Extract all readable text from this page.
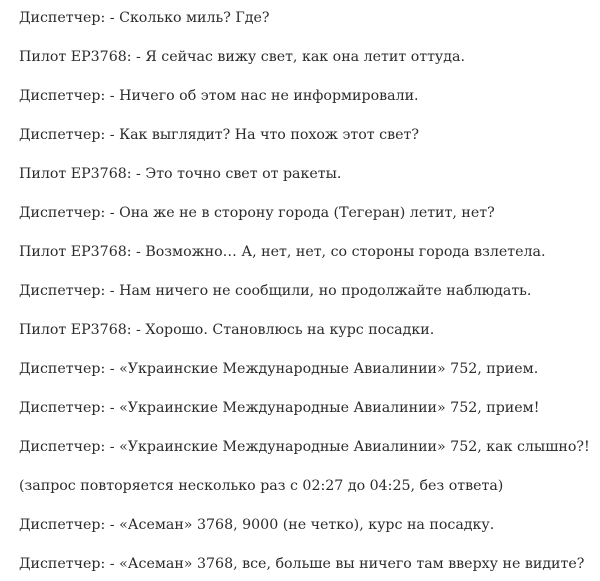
Диспетчер: - Сколько миль? Где?
Пилот EP3768: - Я сейчас вижу свет, как она летит оттуда.
Диспетчер: - Ничего об этом нас не информировали.
Диспетчер: - Как выглядит? На что похож этот свет?
Пилот EP3768: - Это точно свет от ракеты.
Диспетчер: - Она же не в сторону города (Тегеран) летит, нет?
Пилот EP3768: - Возможно… А, нет, нет, со стороны города взлетела.
Диспетчер: - Нам ничего не сообщили, но продолжайте наблюдать.
Пилот EP3768: - Хорошо. Становлюсь на курс посадки.
Диспетчер: - «Украинские Международные Авиалинии» 752, прием.
Диспетчер: - «Украинские Международные Авиалинии» 752, прием!
Диспетчер: - «Украинские Международные Авиалинии» 752, как слышно?!
(запрос повторяется несколько раз с 02:27 до 04:25, без ответа)
Диспетчер: - «Асеман» 3768, 9000 (не четко), курс на посадку.
Диспетчер: - «Асеман» 3768, все, больше вы ничего там вверху не видите?
